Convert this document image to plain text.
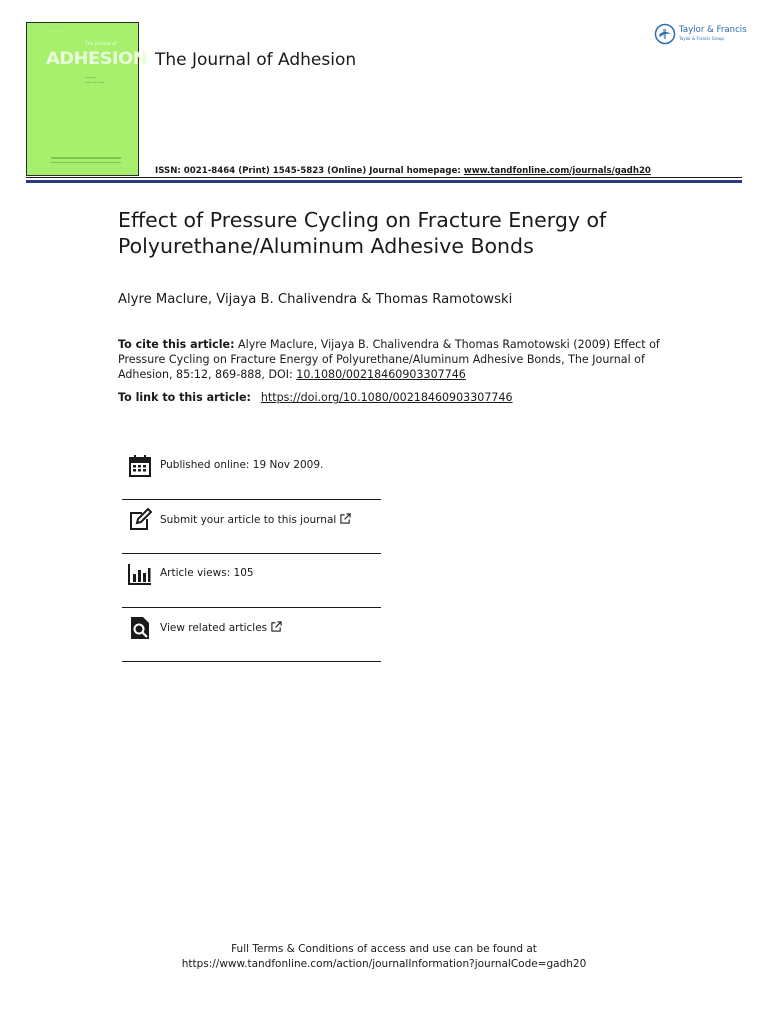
· · · · · · ·
The Journal of
ADHESION
———
—— — ——
The Journal of Adhesion
ISSN: 0021-8464 (Print) 1545-5823 (Online) Journal homepage: www.tandfonline.com/journals/gadh20
Taylor & Francis
Taylor & Francis Group
Effect of Pressure Cycling on Fracture Energy of Polyurethane/Aluminum Adhesive Bonds
Alyre Maclure, Vijaya B. Chalivendra & Thomas Ramotowski
To cite this article: Alyre Maclure, Vijaya B. Chalivendra & Thomas Ramotowski (2009) Effect of Pressure Cycling on Fracture Energy of Polyurethane/Aluminum Adhesive Bonds, The Journal of Adhesion, 85:12, 869-888, DOI: 10.1080/00218460903307746
To link to this article: https://doi.org/10.1080/00218460903307746
Published online: 19 Nov 2009.
Submit your article to this journal
Article views: 105
View related articles
Full Terms & Conditions of access and use can be found at
https://www.tandfonline.com/action/journalInformation?journalCode=gadh20
